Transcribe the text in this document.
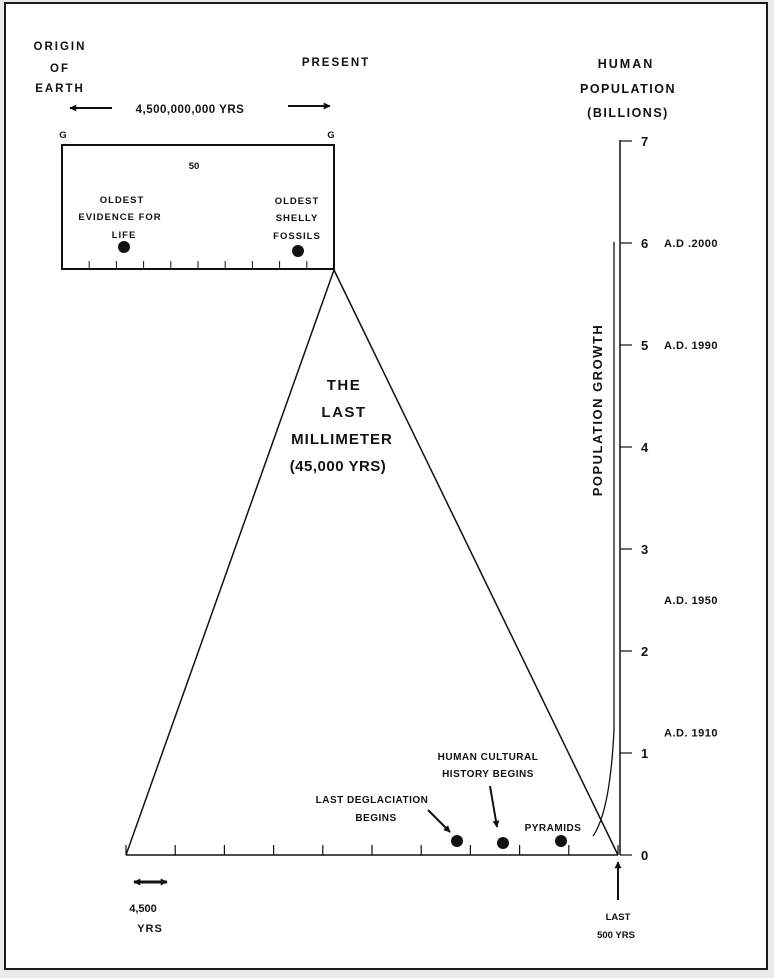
ORIGIN
OF
EARTH
PRESENT
4,500,000,000 YRS
G	G
50
OLDEST
EVIDENCE FOR
LIFE
OLDEST
SHELLY
FOSSILS
THE
LAST
MILLIMETER
(45,000 YRS)
LAST DEGLACIATION
BEGINS
HUMAN CULTURAL
HISTORY BEGINS
PYRAMIDS
4,500
YRS
LAST
500 YRS
HUMAN
POPULATION
(BILLIONS)
0
1
2
3
4
5
6
7
A.D .2000
A.D. 1990
A.D. 1950
A.D. 1910
POPULATION GROWTH
